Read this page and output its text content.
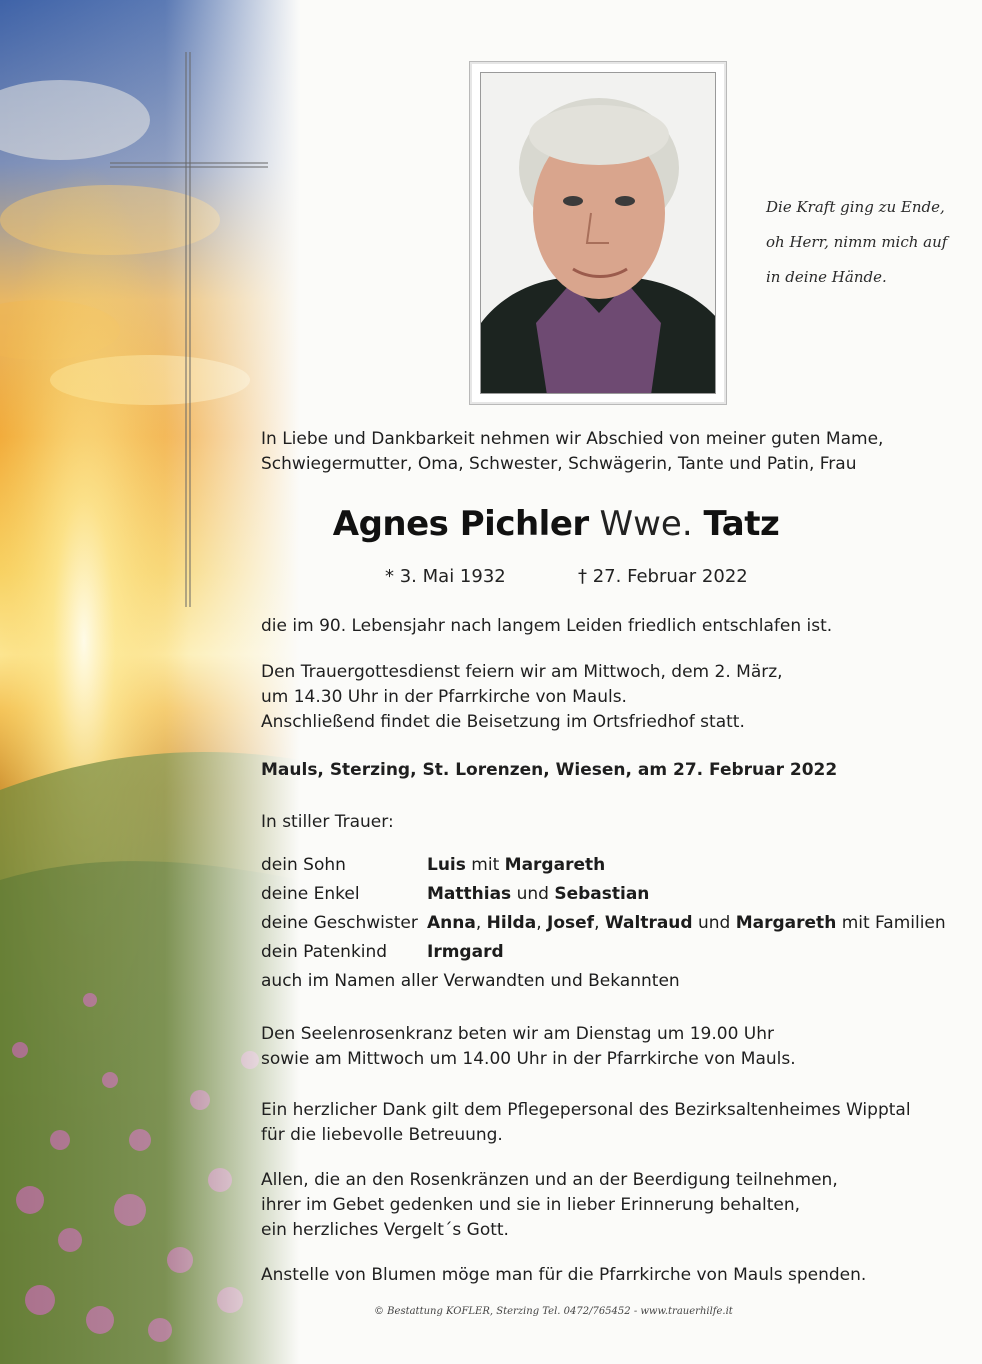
Die Kraft ging zu Ende,
oh Herr, nimm mich auf
in deine Hände.
In Liebe und Dankbarkeit nehmen wir Abschied von meiner guten Mame,
Schwiegermutter, Oma, Schwester, Schwägerin, Tante und Patin, Frau
Agnes Pichler Wwe. Tatz
* 3. Mai 1932	† 27. Februar 2022
die im 90. Lebensjahr nach langem Leiden friedlich entschlafen ist.
Den Trauergottesdienst feiern wir am Mittwoch, dem 2. März,
um 14.30 Uhr in der Pfarrkirche von Mauls.
Anschließend findet die Beisetzung im Ortsfriedhof statt.
Mauls, Sterzing, St. Lorenzen, Wiesen, am 27. Februar 2022
In stiller Trauer:
dein Sohn	Luis mit Margareth
deine Enkel	Matthias und Sebastian
deine Geschwister Anna, Hilda, Josef, Waltraud und Margareth mit Familien
dein Patenkind Irmgard
auch im Namen aller Verwandten und Bekannten
Den Seelenrosenkranz beten wir am Dienstag um 19.00 Uhr
sowie am Mittwoch um 14.00 Uhr in der Pfarrkirche von Mauls.
Ein herzlicher Dank gilt dem Pflegepersonal des Bezirksaltenheimes Wipptal
für die liebevolle Betreuung.
Allen, die an den Rosenkränzen und an der Beerdigung teilnehmen,
ihrer im Gebet gedenken und sie in lieber Erinnerung behalten,
ein herzliches Vergelt´s Gott.
Anstelle von Blumen möge man für die Pfarrkirche von Mauls spenden.
© Bestattung KOFLER, Sterzing Tel. 0472/765452 - www.trauerhilfe.it
